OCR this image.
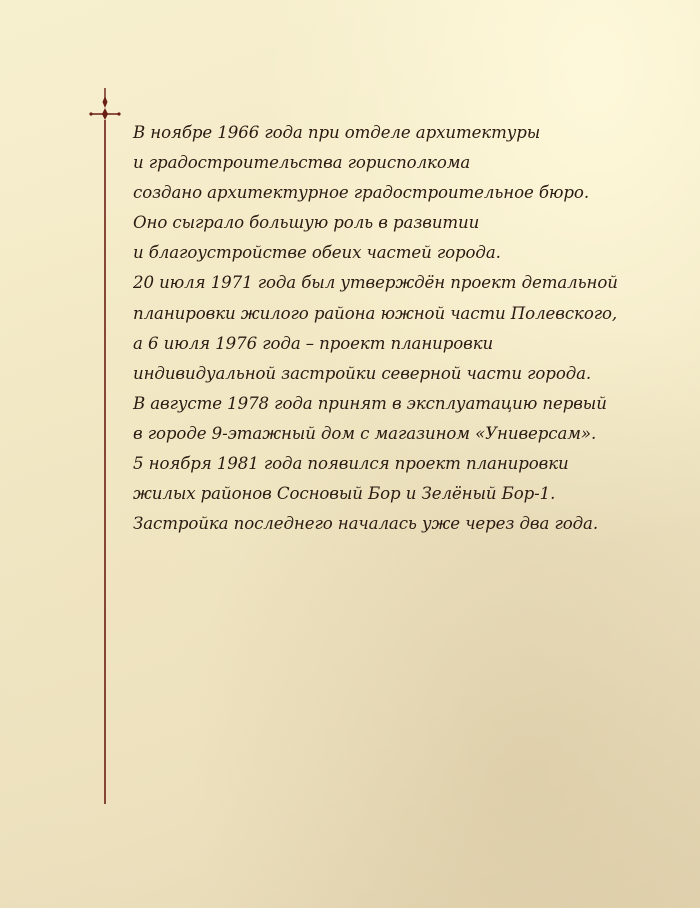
В ноябре 1966 года при отделе архитектуры
и градостроительства горисполкома
создано архитектурное градостроительное бюро.
Оно сыграло большую роль в развитии
и благоустройстве обеих частей города.
20 июля 1971 года был утверждён проект детальной
планировки жилого района южной части Полевского,
а 6 июля 1976 года – проект планировки
индивидуальной застройки северной части города.
В августе 1978 года принят в эксплуатацию первый
в городе 9-этажный дом с магазином «Универсам».
5 ноября 1981 года появился проект планировки
жилых районов Сосновый Бор и Зелёный Бор-1.
Застройка последнего началась уже через два года.
